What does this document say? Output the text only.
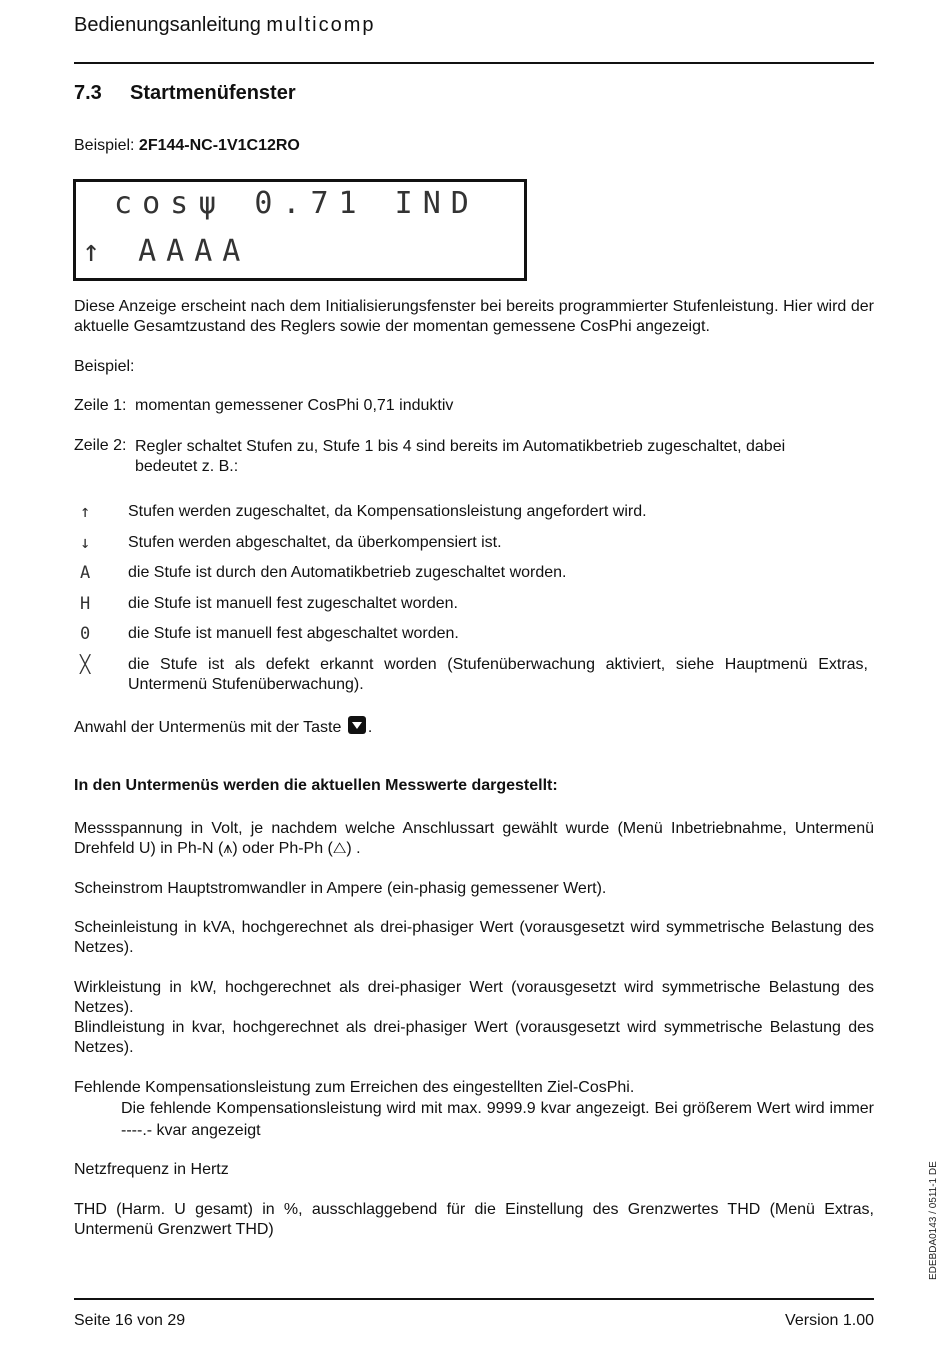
Bedienungsanleitung multicomp
7.3 Startmenüfenster
Beispiel: 2F144-NC-1V1C12RO
cosψ 0.71 IND
↑ AAAA
Diese Anzeige erscheint nach dem Initialisierungsfenster bei bereits programmierter Stufenleistung. Hier wird der aktuelle Gesamtzustand des Reglers sowie der momentan gemessene CosPhi angezeigt.
Beispiel:
Zeile 1: momentan gemessener CosPhi 0,71 induktiv
Zeile 2: Regler schaltet Stufen zu, Stufe 1 bis 4 sind bereits im Automatikbetrieb zugeschaltet, dabei bedeutet z. B.:
↑	Stufen werden zugeschaltet, da Kompensationsleistung angefordert wird.
↓	Stufen werden abgeschaltet, da überkompensiert ist.
A	die Stufe ist durch den Automatikbetrieb zugeschaltet worden.
H	die Stufe ist manuell fest zugeschaltet worden.
0	die Stufe ist manuell fest abgeschaltet worden.
╳	die Stufe ist als defekt erkannt worden (Stufenüberwachung aktiviert, siehe Hauptmenü Extras, Untermenü Stufenüberwachung).
Anwahl der Untermenüs mit der Taste .
In den Untermenüs werden die aktuellen Messwerte dargestellt:
Messspannung in Volt, je nachdem welche Anschlussart gewählt wurde (Menü Inbetriebnahme, Untermenü Drehfeld U) in Ph-N (⩚) oder Ph-Ph (△) .
Scheinstrom Hauptstromwandler in Ampere (ein-phasig gemessener Wert).
Scheinleistung in kVA, hochgerechnet als drei-phasiger Wert (vorausgesetzt wird symmetrische Belastung des Netzes).
Wirkleistung in kW, hochgerechnet als drei-phasiger Wert (vorausgesetzt wird symmetrische Belastung des Netzes).
Blindleistung in kvar, hochgerechnet als drei-phasiger Wert (vorausgesetzt wird symmetrische Belastung des Netzes).
Fehlende Kompensationsleistung zum Erreichen des eingestellten Ziel-CosPhi.
Die fehlende Kompensationsleistung wird mit max. 9999.9 kvar angezeigt. Bei größerem Wert wird immer ----.- kvar angezeigt
Netzfrequenz in Hertz
THD (Harm. U gesamt) in %, ausschlaggebend für die Einstellung des Grenzwertes THD (Menü Extras, Untermenü Grenzwert THD)	EDEBDA0143 / 0511-1 DE
Seite 16 von 29	Version 1.00
